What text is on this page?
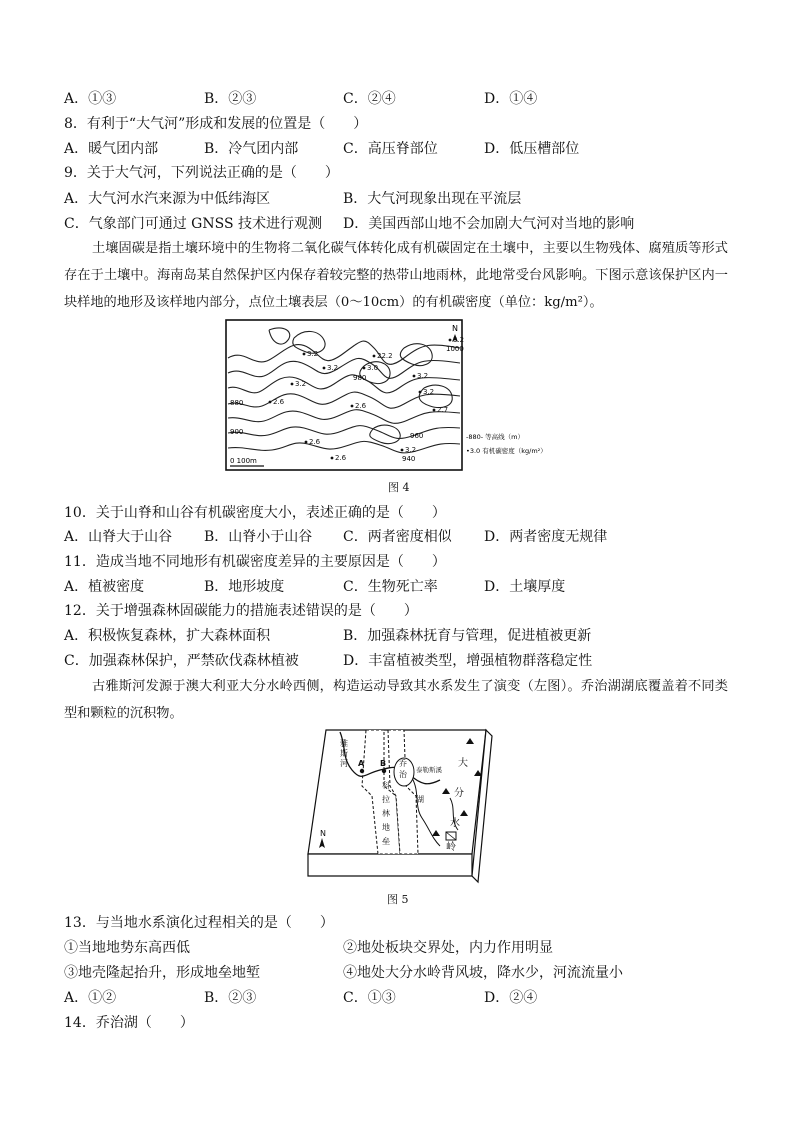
A．①③	B．②③	C．②④	D．①④
8．有利于“大气河”形成和发展的位置是（　　）
A．暖气团内部	B．冷气团内部	C．高压脊部位	D．低压槽部位
9．关于大气河，下列说法正确的是（　　）
A．大气河水汽来源为中低纬海区	B．大气河现象出现在平流层
C．气象部门可通过 GNSS 技术进行观测 D．美国西部山地不会加剧大气河对当地的影响
土壤固碳是指土壤环境中的生物将二氧化碳气体转化成有机碳固定在土壤中，主要以生物残体、腐殖质等形式存在于土壤中。海南岛某自然保护区内保存着较完整的热带山地雨林，此地常受台风影响。下图示意该保护区内一块样地的地形及该样地内部分，点位土壤表层（0～10cm）的有机碳密度（单位：kg/m²）。
N
1000
980
940
960
880
900
3.2
3.2	3.0
22.2
3.2
3.2
3.2
2.6
3.2
2.7
2.6
2.6
2.6
3.2
0 100m
-880- 等高线（m）
•3.0 有机碳密度（kg/m²）
图 4
10．关于山脊和山谷有机碳密度大小，表述正确的是（　　）
A．山脊大于山谷 B．山脊小于山谷 C．两者密度相似 D．两者密度无规律
11．造成当地不同地形有机碳密度差异的主要原因是（　　）
A．植被密度	B．地形坡度	C．生物死亡率	D．土壤厚度
12．关于增强森林固碳能力的措施表述错误的是（　　）
A．积极恢复森林，扩大森林面积	B．加强森林抚育与管理，促进植被更新
C．加强森林保护，严禁砍伐森林植被	D．丰富植被类型，增强植物群落稳定性
古雅斯河发源于澳大利亚大分水岭西侧，构造运动导致其水系发生了演变（左图）。乔治湖湖底覆盖着不同类型和颗粒的沉积物。
雅
斯
河 A B 乔
治
湖
泰勒斯溪
科
拉
林
地
垒
大
分
水
岭
N
图 5
13．与当地水系演化过程相关的是（　　）
①当地地势东高西低	②地处板块交界处，内力作用明显
③地壳隆起抬升，形成地垒地堑	④地处大分水岭背风坡，降水少，河流流量小
A．①②	B．②③	C．①③	D．②④
14．乔治湖（　　）
